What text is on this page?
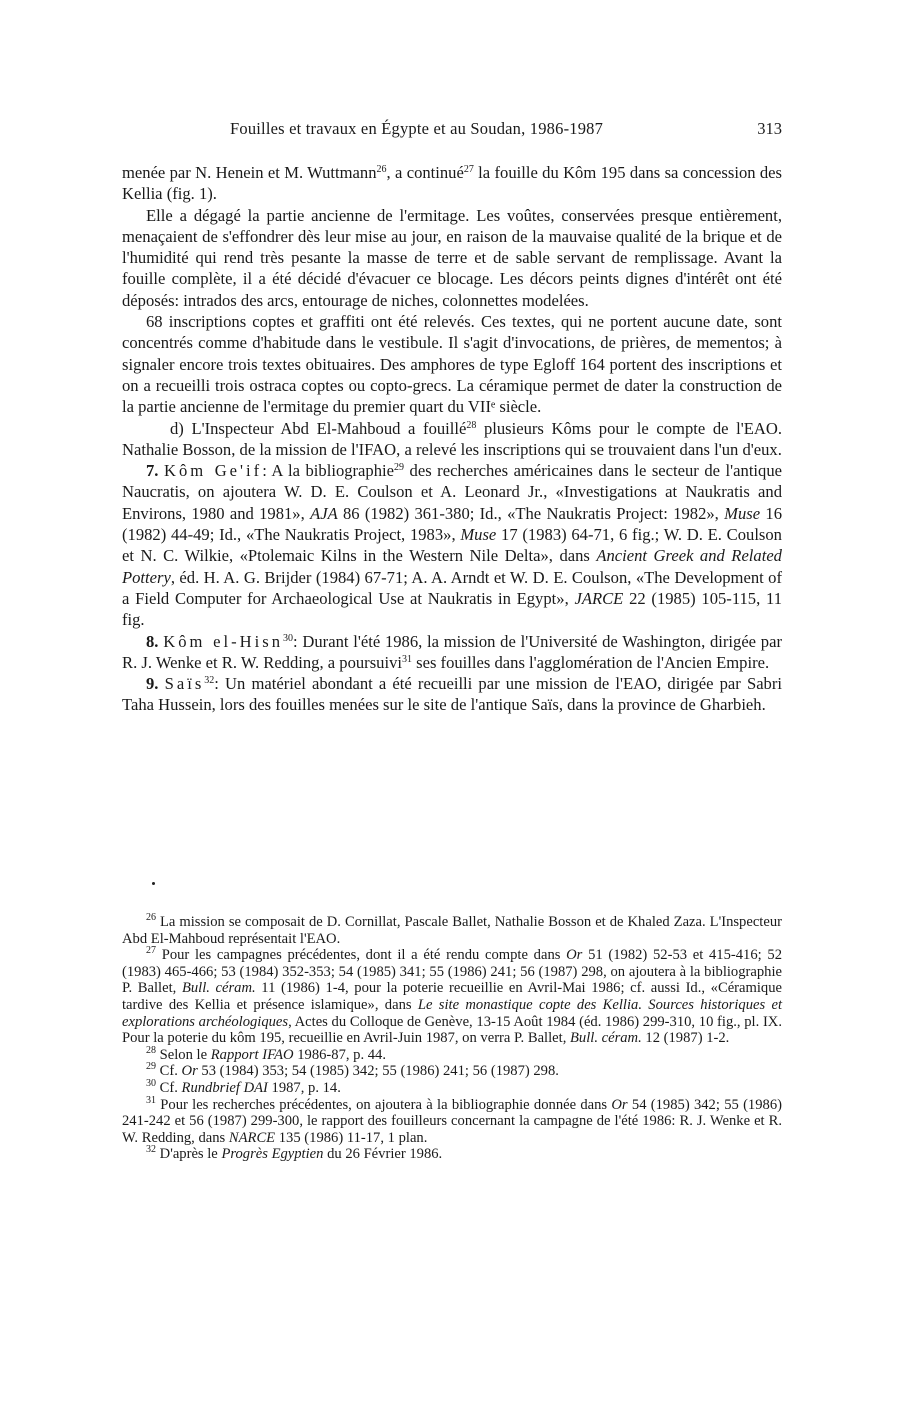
Fouilles et travaux en Égypte et au Soudan, 1986-1987	313

menée par N. Henein et M. Wuttmann$^{26}$, a continué$^{27}$ la fouille du Kôm 195 dans sa concession des Kellia (fig. 1).

Elle a dégagé la partie ancienne de l'ermitage. Les voûtes, conservées presque entièrement, menaçaient de s'effondrer dès leur mise au jour, en raison de la mauvaise qualité de la brique et de l'humidité qui rend très pesante la masse de terre et de sable servant de remplissage. Avant la fouille complète, il a été décidé d'évacuer ce blocage. Les décors peints dignes d'intérêt ont été déposés: intrados des arcs, entourage de niches, colonnettes modelées.

68 inscriptions coptes et graffiti ont été relevés. Ces textes, qui ne portent aucune date, sont concentrés comme d'habitude dans le vestibule. Il s'agit d'invocations, de prières, de mementos; à signaler encore trois textes obituaires. Des amphores de type Egloff 164 portent des inscriptions et on a recueilli trois ostraca coptes ou copto-grecs. La céramique permet de dater la construction de la partie ancienne de l'ermitage du premier quart du VIIᵉ siècle.

d) L'Inspecteur Abd El-Mahboud a fouillé$^{28}$ plusieurs Kôms pour le compte de l'EAO. Nathalie Bosson, de la mission de l'IFAO, a relevé les inscriptions qui se trouvaient dans l'un d'eux.

7. Kôm Ge'if: A la bibliographie$^{29}$ des recherches américaines dans le secteur de l'antique Naucratis, on ajoutera W. D. E. Coulson et A. Leonard Jr., «Investigations at Naukratis and Environs, 1980 and 1981», AJA 86 (1982) 361-380; Id., «The Naukratis Project: 1982», Muse 16 (1982) 44-49; Id., «The Naukratis Project, 1983», Muse 17 (1983) 64-71, 6 fig.; W. D. E. Coulson et N. C. Wilkie, «Ptolemaic Kilns in the Western Nile Delta», dans Ancient Greek and Related Pottery, éd. H. A. G. Brijder (1984) 67-71; A. A. Arndt et W. D. E. Coulson, «The Development of a Field Computer for Archaeological Use at Naukratis in Egypt», JARCE 22 (1985) 105-115, 11 fig.

8. Kôm el-Hisn$^{30}$: Durant l'été 1986, la mission de l'Université de Washington, dirigée par R. J. Wenke et R. W. Redding, a poursuivi$^{31}$ ses fouilles dans l'agglomération de l'Ancien Empire.

9. Saïs$^{32}$: Un matériel abondant a été recueilli par une mission de l'EAO, dirigée par Sabri Taha Hussein, lors des fouilles menées sur le site de l'antique Saïs, dans la province de Gharbieh.

$^{26}$ La mission se composait de D. Cornillat, Pascale Ballet, Nathalie Bosson et de Khaled Zaza. L'Inspecteur Abd El-Mahboud représentait l'EAO.

$^{27}$ Pour les campagnes précédentes, dont il a été rendu compte dans Or 51 (1982) 52-53 et 415-416; 52 (1983) 465-466; 53 (1984) 352-353; 54 (1985) 341; 55 (1986) 241; 56 (1987) 298, on ajoutera à la bibliographie P. Ballet, Bull. céram. 11 (1986) 1-4, pour la poterie recueillie en Avril-Mai 1986; cf. aussi Id., «Céramique tardive des Kellia et présence islamique», dans Le site monastique copte des Kellia. Sources historiques et explorations archéologiques, Actes du Colloque de Genève, 13-15 Août 1984 (éd. 1986) 299-310, 10 fig., pl. IX. Pour la poterie du kôm 195, recueillie en Avril-Juin 1987, on verra P. Ballet, Bull. céram. 12 (1987) 1-2.

$^{28}$ Selon le Rapport IFAO 1986-87, p. 44.

$^{29}$ Cf. Or 53 (1984) 353; 54 (1985) 342; 55 (1986) 241; 56 (1987) 298.

$^{30}$ Cf. Rundbrief DAI 1987, p. 14.

$^{31}$ Pour les recherches précédentes, on ajoutera à la bibliographie donnée dans Or 54 (1985) 342; 55 (1986) 241-242 et 56 (1987) 299-300, le rapport des fouilleurs concernant la campagne de l'été 1986: R. J. Wenke et R. W. Redding, dans NARCE 135 (1986) 11-17, 1 plan.

$^{32}$ D'après le Progrès Egyptien du 26 Février 1986.
